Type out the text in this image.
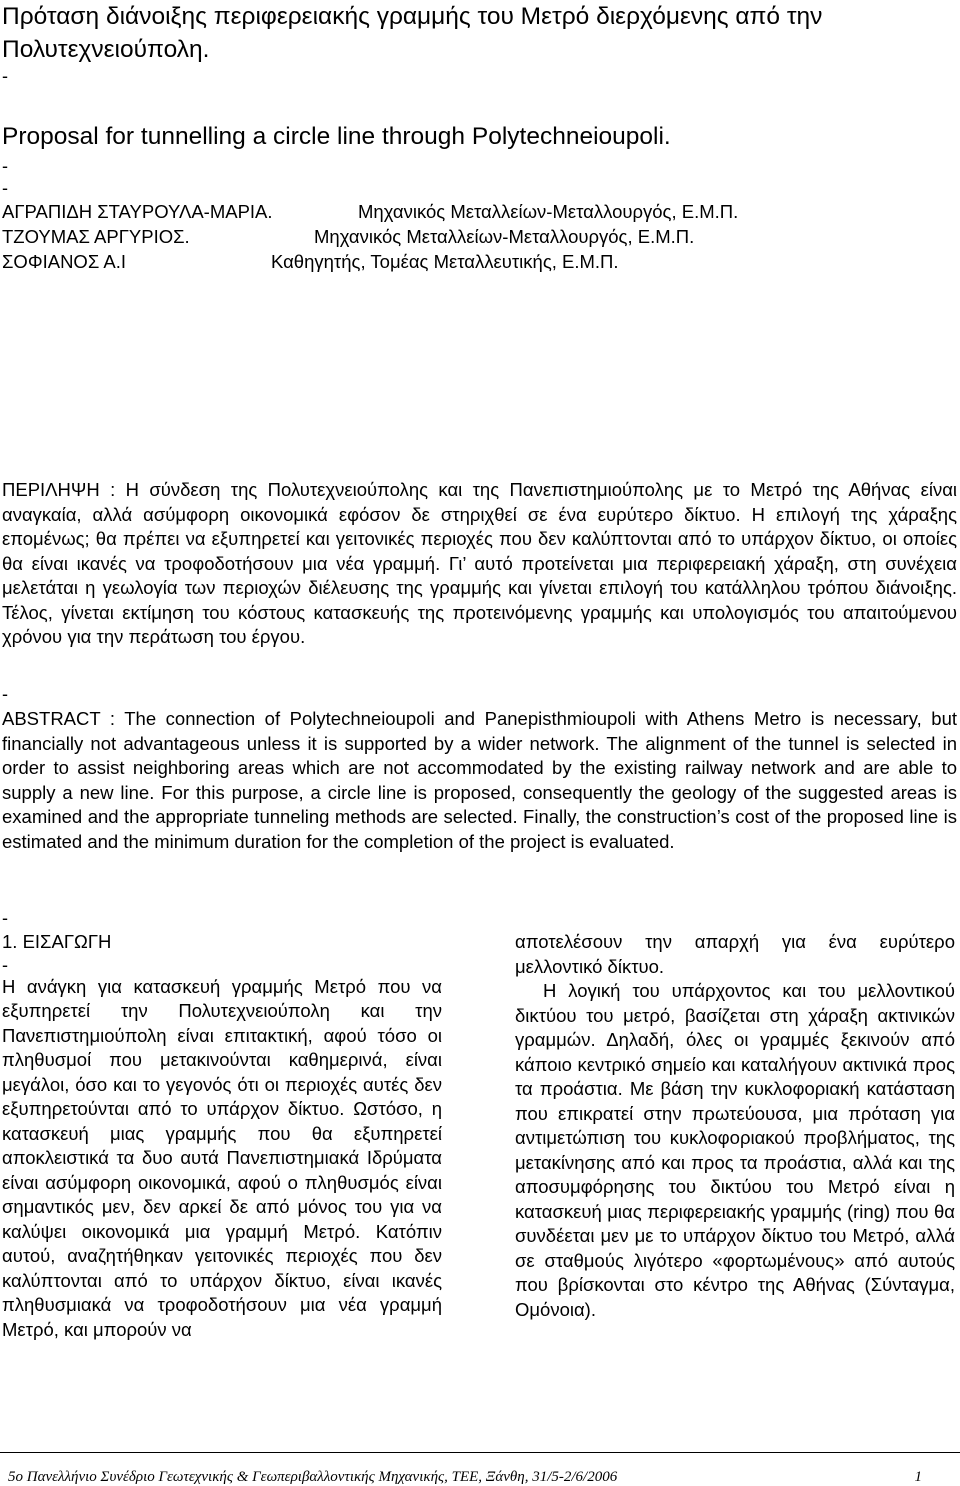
Πρόταση διάνοιξης περιφερειακής γραμμής του Μετρό διερχόμενης από την Πολυτεχνειούπολη.
-
Proposal for tunnelling a circle line through Polytechneioupoli.
-
-
ΑΓΡΑΠΙΔΗ ΣΤΑΥΡΟΥΛΑ-ΜΑΡΙΑ.	Μηχανικός Μεταλλείων-Μεταλλουργός, Ε.Μ.Π.
ΤΖΟΥΜΑΣ ΑΡΓΥΡΙΟΣ.	Μηχανικός Μεταλλείων-Μεταλλουργός, Ε.Μ.Π.
ΣΟΦΙΑΝΟΣ Α.Ι	Καθηγητής, Τομέας Μεταλλευτικής, Ε.Μ.Π.

ΠΕΡΙΛΗΨΗ : Η σύνδεση της Πολυτεχνειούπολης και της Πανεπιστημιούπολης με το Μετρό της Αθήνας είναι αναγκαία, αλλά ασύμφορη οικονομικά εφόσον δε στηριχθεί σε ένα ευρύτερο δίκτυο. Η επιλογή της χάραξης επομένως; θα πρέπει να εξυπηρετεί και γειτονικές περιοχές που δεν καλύπτονται από το υπάρχον δίκτυο, οι οποίες θα είναι ικανές να τροφοδοτήσουν μια νέα γραμμή. Γι’ αυτό προτείνεται μια περιφερειακή χάραξη, στη συνέχεια μελετάται η γεωλογία των περιοχών διέλευσης της γραμμής και γίνεται επιλογή του κατάλληλου τρόπου διάνοιξης. Τέλος, γίνεται εκτίμηση του κόστους κατασκευής της προτεινόμενης γραμμής και υπολογισμός του απαιτούμενου χρόνου για την περάτωση του έργου.

-

ABSTRACT : The connection of Polytechneioupoli and Panepisthmioupoli with Athens Metro is necessary, but financially not advantageous unless it is supported by a wider network. The alignment of the tunnel is selected in order to assist neighboring areas which are not accommodated by the existing railway network and are able to supply a new line. For this purpose, a circle line is proposed, consequently the geology of the suggested areas is examined and the appropriate tunneling methods are selected. Finally, the construction’s cost of the proposed line is estimated and the minimum duration for the completion of the project is evaluated.

-
1. ΕΙΣΑΓΩΓΗ
-

Η ανάγκη για κατασκευή γραμμής Μετρό που να εξυπηρετεί την Πολυτεχνειούπολη και την Πανεπιστημιούπολη είναι επιτακτική, αφού τόσο οι πληθυσμοί που μετακινούνται καθημερινά, είναι μεγάλοι, όσο και το γεγονός ότι οι περιοχές αυτές δεν εξυπηρετούνται από το υπάρχον δίκτυο. Ωστόσο, η κατασκευή μιας γραμμής που θα εξυπηρετεί αποκλειστικά τα δυο αυτά Πανεπιστημιακά Ιδρύματα είναι ασύμφορη οικονομικά, αφού ο πληθυσμός είναι σημαντικός μεν, δεν αρκεί δε από μόνος του για να καλύψει οικονομικά μια γραμμή Μετρό. Κατόπιν αυτού, αναζητήθηκαν γειτονικές περιοχές που δεν καλύπτονται από το υπάρχον δίκτυο, είναι ικανές πληθυσμιακά να τροφοδοτήσουν μια νέα γραμμή Μετρό, και μπορούν να

αποτελέσουν την απαρχή για ένα ευρύτερο μελλοντικό δίκτυο.

Η λογική του υπάρχοντος και του μελλοντικού δικτύου του μετρό, βασίζεται στη χάραξη ακτινικών γραμμών. Δηλαδή, όλες οι γραμμές ξεκινούν από κάποιο κεντρικό σημείο και καταλήγουν ακτινικά προς τα προάστια. Με βάση την κυκλοφοριακή κατάσταση που επικρατεί στην πρωτεύουσα, μια πρόταση για αντιμετώπιση του κυκλοφοριακού προβλήματος, της μετακίνησης από και προς τα προάστια, αλλά και της αποσυμφόρησης του δικτύου του Μετρό είναι η κατασκευή μιας περιφερειακής γραμμής (ring) που θα συνδέεται μεν με το υπάρχον δίκτυο του Μετρό, αλλά σε σταθμούς λιγότερο «φορτωμένους» από αυτούς που βρίσκονται στο κέντρο της Αθήνας (Σύνταγμα, Ομόνοια).

5ο Πανελλήνιο Συνέδριο Γεωτεχνικής & Γεωπεριβαλλοντικής Μηχανικής, ΤΕΕ, Ξάνθη, 31/5-2/6/2006	1
